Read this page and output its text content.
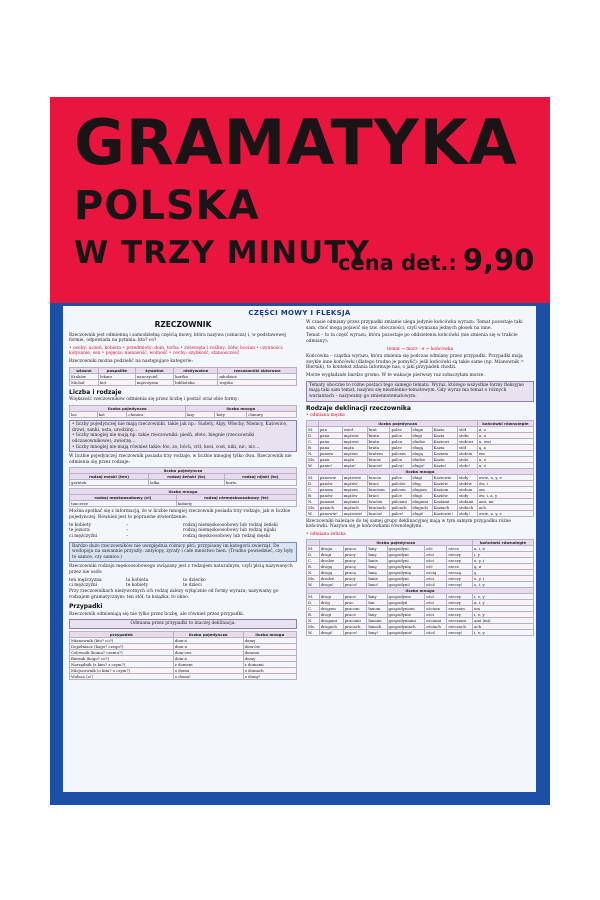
GRAMATYKA
POLSKA
W TRZY MINUTY
cena det.: 9,90
CZĘŚCI MOWY I FLEKSJA
RZECZOWNIK

Rzeczownik jest odmienną i samodzielną częścią mowy, która nazywa (oznacza) i, w podstawowej formie, odpowiada na pytania: kto? co?

• osoby: uczeń, kobieta • przedmioty: dom, torba • zwierzęta i rośliny: żółw, bocian • czynności: kołysanie, sen • pojęcia: nienawiść, wolność • cechy: szybkość, stanowczość

Rzeczowniki można podzielić na następujące kategorie:

własne	pospolite	żywotne	nieżywotne	rzeczowniki zbiorowe
Kraków	lekarz	nauczyciel	kartka	młodzież
Michał	kot	mężczyzna	biblioteka	wojsko
Liczba i rodzaje

Większość rzeczowników odmienia się przez liczbę i postać oraz obie formy:

liczba pojedyncza			liczba mnoga		
las	kot	chmura	lasy	koty	chmury
• liczby pojedynczej nie mają rzeczowniki, takie jak np.: Sudety, Alpy, Włochy, Niemcy, Katowice, drzwi, sanki, usta, urodziny...
• liczby mnogiej nie mają np. takie rzeczowniki: pieśń, złoto, biegnie (rzeczowniki odczasownikowe), zwierzę...
• liczby mnogiej nie mają również takie: łóo, zo, bócü, crit, kosi, cost, niki, nic, nic...

W liczbie pojedynczej rzeczownik posiada trzy rodzaje, w liczbie mnogiej tylko dwa. Rzeczownik nie odmienia się przez rodzaje:

liczba pojedyncza		
rodzaj męski (ten)	rodzaj żeński (ta)	rodzaj nijaki (to)
gerntek	lalka	hurto
liczba mnoga	
rodzaj męskoosobowy (ci)	rodzaj niemęskoosobowy (te)
tancerze	kobiety

Można spotkać się z informacją, że w liczbie mnogiej rzeczownik posiada trzy rodzaje, jak w liczbie pojedynczej. Również jest to poprawne stwierdzenie:

te kobiety	–	rodzaj niemęskoosobowy lub rodzaj żeński
te jeziora	–	rodzaj niemęskoosobowy lub rodzaj nijaki
ci mężczyźni	–	rodzaj męskoosobowy lub rodzaj męski
Bardzo dużo rzeczowników nie uwzględnia różnicy płci; przypisany im kategorii zwierząt. Do wodopoju na sawannie przyszły: antylopy, żyrafy i całe mnóstwo hien. (Trudno powiedzieć, czy były to samce, czy samice.)

Rzeczowniki rodzaju męskoosobowego związany jest z rodzajem naturalnym, czyli płcią nazywanych przez nie osób:

ten mężczyzna	ta kobieta	to dziecko
ci mężczyźni	te kobiety	te dzieci

Przy rzeczownikach nieżywotnych ich rodzaj zależy wyłącznie od formy wyrazu; nazywamy go rodzajem gramatycznym: ten stół, ta książka, to okno.

Przypadki

Rzeczownik odmieniają się nie tylko przez liczbę, ale również przez przypadki.

Odmiana przez przypadki to inaczej deklinacja.
przypadek	liczba pojedyncza	liczba mnoga
Mianownik (kto? co?)	dom-a	domy
Dopełniacz (kogo? czego?)	dom-u	dom-ów
Celownik (komu? czemu?)	dom-owi	domom
Biernik (kogo? co?)	dom-a	domy
Narzędnik (z kim? z czym?)	z domem	z domami
Miejscownik (o kim? o czym?)	o domu	o domach
Wołacz (o!)	o domu!	o domy!

W czasie odmiany przez przypadki zmianie ulega jedynie końcówka wyrazu. Temat pozostaje taki sam, choć mogą pojawić się tzw. oboczności, czyli wymiana jednych głosek na inne.

Temat – to ta część wyrazu, która pozostaje po oddzieleniu końcówki (nie zmienia się w trakcie odmiany):

temat → morz - e ← końcówka

Końcówka – cząstka wyrazu, która zmienia się podczas odmiany przez przypadki. Przypadki mają zwykle inne końcówki (dlatego trudno je pomylić): jeśli końcówki są takie same (np. Mianownik = Biernik), to kontekst zdania informuje nas, o jaki przypadek chodzi.

Morze wygładzało bardzo gromo. W te wakacje pierwszy raz zobaczyłam morze.

Tematy oboczne to różne postaci tego samego tematu. Wyraz, którego wszystkie formy fleksyjne mają taki sam temat, nazywa się nieznienno-tematowym. Gdy wyraz ma temat o różnych wariantach – nazywamy go zmiennotematowym.
Rodzaje deklinacji rzeczownika
• odmiana męska
	liczba pojedyncza							końcówki równoległe
M.	pan	osioł	brat	palec	sługa	Kazio	stół	ø, o
D.	pana	mężowi	brata	palca	sługi	Kazia	stołu	a, u
C.	panu	mężowi	bratu	palcu	słudze	Kaziowi	stołowi	u, owi
B.	pana	męża	brata	palec	sługę	Kazia	stół	ę, a
N.	panem	mężem	bratem	palcem	sługą	Kaziem	stołem	em
Ms.	panu	mężu	bracie	palcu	słudze	Kaziu	stole	u, e
W.	panie!	mężu!	bracie!	palcu!	sługo!	Kaziu!	stole!	u, e
liczba mnoga								
M.	panowie	mężowie	bracia	palce	sługi	Kaziowie	stoły	owie, a, y, e
D.	panów	mężów	braci	palców	sług	Kaziów	stołów	ów, i
C.	panom	mężom	braciom	palcom	sługom	Kaziom	stołom	om
B.	panów	mężów	braci	palce	sługi	Kaziów	stoły	ów, i, a, y
N.	panami	mężami	braćmi	palcami	sługami	Kaziami	stołami	ami, mi
Ms.	panach	mężach	braciach	palcach	sługach	Kaziach	stołach	ach
W.	panowie!	mężowie!	bracia!	palce!	sługi!	Kaziowie!	stoły!	owie, a, y, e

Rzeczowniki należące do tej samej grupy deklinacyjnej mają w tym samym przypadku różne końcówki. Nazywa się je końcówkami równoległymi.

• odmiana żeńska
	liczba pojedyncza						końcówki równoległe
M.	droga	praca	łany	gospodyni	ość	rzecz	a, i, ø
D.	drogi	pracy	łany	gospodyni	ości	rzeczy	i, y
C.	drodze	pracy	łanie	gospodyni	ości	rzeczy	e, y, i
B.	drogę	pracę	łanę	gospodynię	ość	rzecz	ę, ø
N.	drogą	pracą	łaną	gospodynią	ością	rzeczą	ą
Ms.	drodze	pracy	łanie	gospodyni	ości	rzeczy	e, y, i
W.	drogo!	praco!	łano!	gospodyni!	ości!	rzeczy!	o, i, y
liczba mnoga							
M.	drogi	prace	łany	gospodynie	ości	rzeczy	i, e, y
D.	dróg	prac	łan	gospodyń	ości	rzeczy	ø, i, y
C.	drogom	pracom	łanom	gospodyniom	ościom	rzeczom	om
B.	drogi	prace	łany	gospodynie	ości	rzeczy	i, e, y
N.	drogami	pracami	łanami	gospodyniami	ościami	rzeczami	ami (mi)
Ms.	drogach	pracach	łanach	gospodyniach	ościach	rzeczach	ach
W.	drogi!	prace!	łany!	gospodynie!	ości!	rzeczy!	i, e, y
